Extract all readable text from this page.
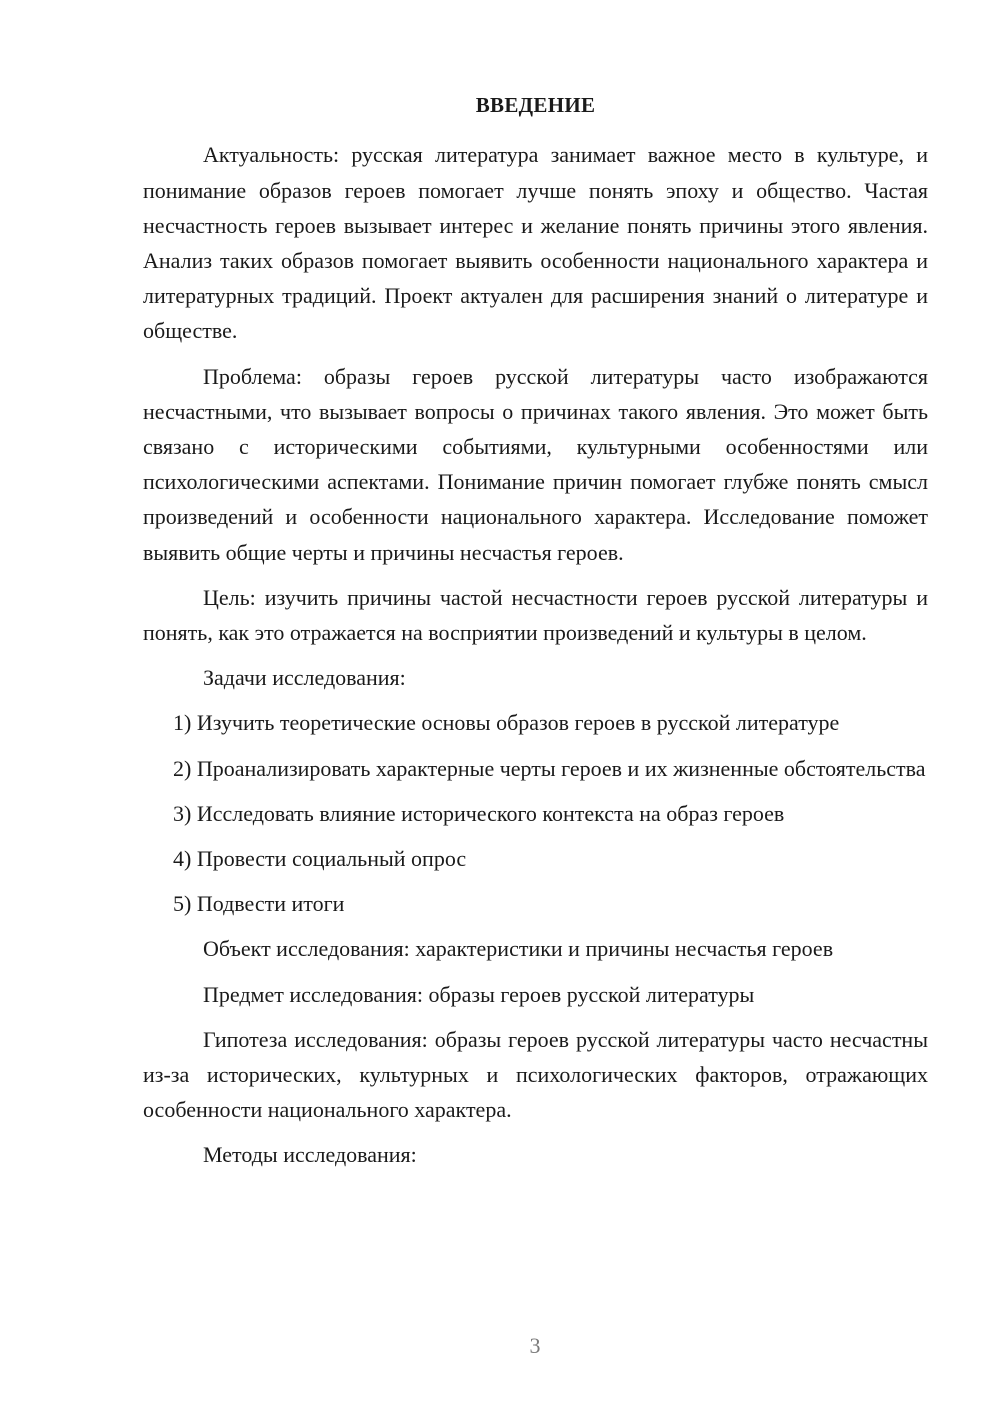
ВВЕДЕНИЕ

Актуальность: русская литература занимает важное место в культуре, и понимание образов героев помогает лучше понять эпоху и общество. Частая несчастность героев вызывает интерес и желание понять причины этого явления. Анализ таких образов помогает выявить особенности национального характера и литературных традиций. Проект актуален для расширения знаний о литературе и обществе.

Проблема: образы героев русской литературы часто изображаются несчастными, что вызывает вопросы о причинах такого явления. Это может быть связано с историческими событиями, культурными особенностями или психологическими аспектами. Понимание причин помогает глубже понять смысл произведений и особенности национального характера. Исследование поможет выявить общие черты и причины несчастья героев.

Цель: изучить причины частой несчастности героев русской литературы и понять, как это отражается на восприятии произведений и культуры в целом.

Задачи исследования:

1) Изучить теоретические основы образов героев в русской литературе

2) Проанализировать характерные черты героев и их жизненные обстоятельства

3) Исследовать влияние исторического контекста на образ героев

4) Провести социальный опрос

5) Подвести итоги

Объект исследования: характеристики и причины несчастья героев

Предмет исследования: образы героев русской литературы

Гипотеза исследования: образы героев русской литературы часто несчастны из-за исторических, культурных и психологических факторов, отражающих особенности национального характера.

Методы исследования:

3
